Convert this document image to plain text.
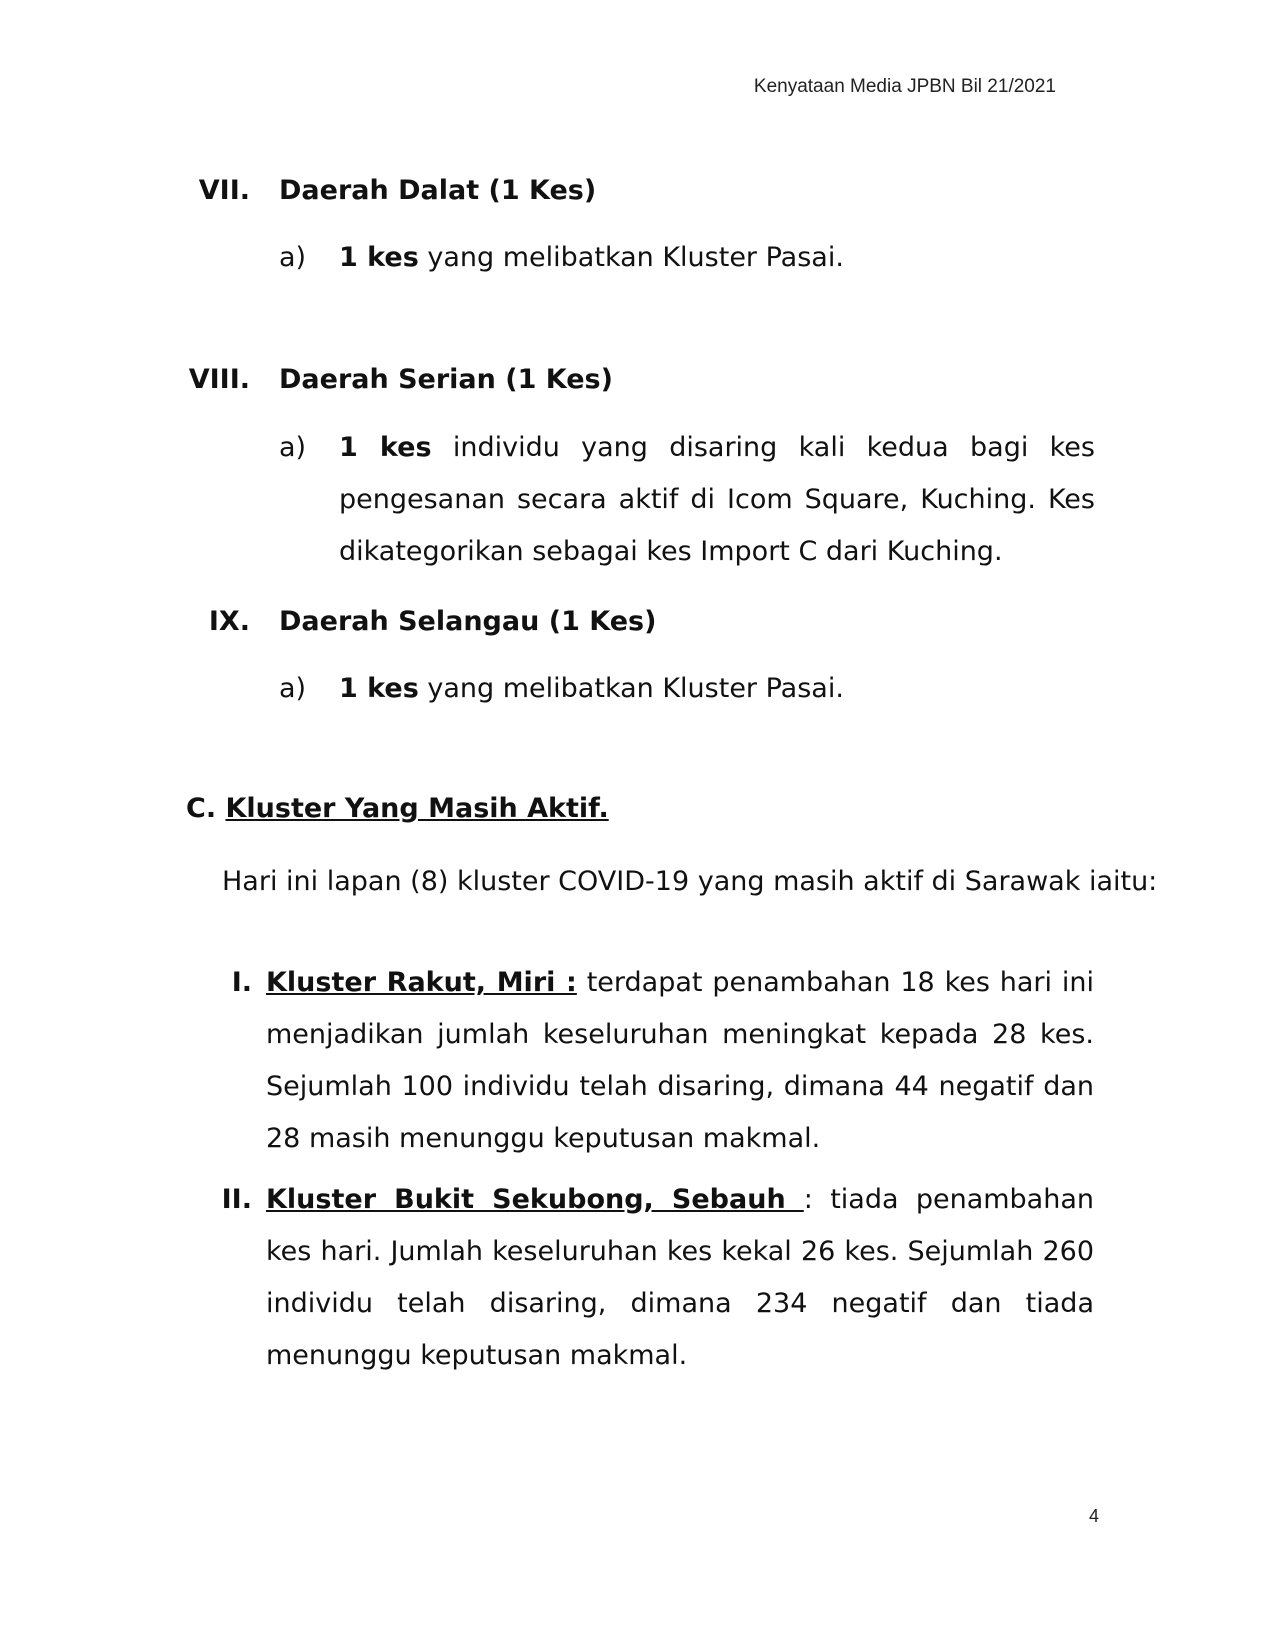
Kenyataan Media JPBN Bil 21/2021
VII. Daerah Dalat (1 Kes)
a) 1 kes yang melibatkan Kluster Pasai.
VIII. Daerah Serian (1 Kes)
a) 1 kes individu yang disaring kali kedua bagi kes pengesanan secara aktif di Icom Square, Kuching. Kes dikategorikan sebagai kes Import C dari Kuching.
IX. Daerah Selangau (1 Kes)
a) 1 kes yang melibatkan Kluster Pasai.
C. Kluster Yang Masih Aktif.
Hari ini lapan (8) kluster COVID-19 yang masih aktif di Sarawak iaitu:
I. Kluster Rakut, Miri : terdapat penambahan 18 kes hari ini menjadikan jumlah keseluruhan meningkat kepada 28 kes. Sejumlah 100 individu telah disaring, dimana 44 negatif dan 28 masih menunggu keputusan makmal.
II. Kluster Bukit Sekubong, Sebauh : tiada penambahan kes hari. Jumlah keseluruhan kes kekal 26 kes. Sejumlah 260 individu telah disaring, dimana 234 negatif dan tiada menunggu keputusan makmal.
4
